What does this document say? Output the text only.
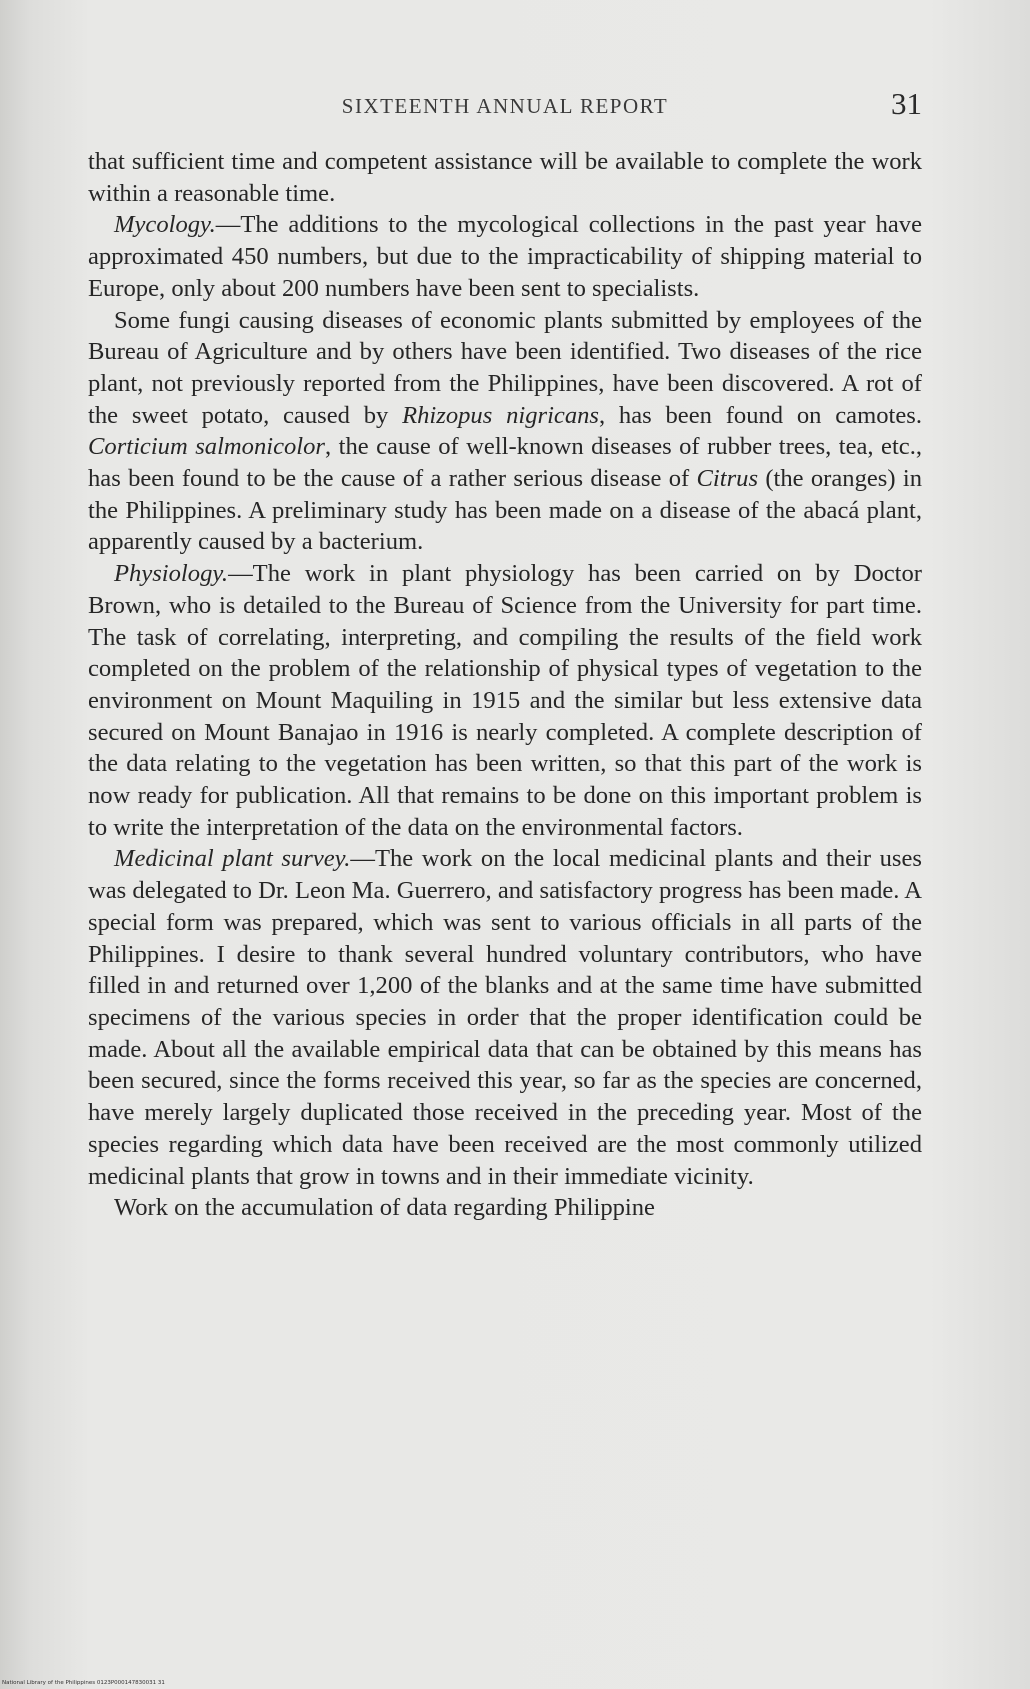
SIXTEENTH ANNUAL REPORT	31

that sufficient time and competent assistance will be available to complete the work within a reasonable time.

Mycology.—The additions to the mycological collections in the past year have approximated 450 numbers, but due to the impracticability of shipping material to Europe, only about 200 numbers have been sent to specialists.

Some fungi causing diseases of economic plants submitted by employees of the Bureau of Agriculture and by others have been identified. Two diseases of the rice plant, not previously reported from the Philippines, have been discovered. A rot of the sweet potato, caused by Rhizopus nigricans, has been found on camotes. Corticium salmonicolor, the cause of well-known diseases of rubber trees, tea, etc., has been found to be the cause of a rather serious disease of Citrus (the oranges) in the Philippines. A preliminary study has been made on a disease of the abacá plant, apparently caused by a bacterium.

Physiology.—The work in plant physiology has been carried on by Doctor Brown, who is detailed to the Bureau of Science from the University for part time. The task of correlating, interpreting, and compiling the results of the field work completed on the problem of the relationship of physical types of vegetation to the environment on Mount Maquiling in 1915 and the similar but less extensive data secured on Mount Banajao in 1916 is nearly completed. A complete description of the data relating to the vegetation has been written, so that this part of the work is now ready for publication. All that remains to be done on this important problem is to write the interpretation of the data on the environmental factors.

Medicinal plant survey.—The work on the local medicinal plants and their uses was delegated to Dr. Leon Ma. Guerrero, and satisfactory progress has been made. A special form was prepared, which was sent to various officials in all parts of the Philippines. I desire to thank several hundred voluntary contributors, who have filled in and returned over 1,200 of the blanks and at the same time have submitted specimens of the various species in order that the proper identification could be made. About all the available empirical data that can be obtained by this means has been secured, since the forms received this year, so far as the species are concerned, have merely largely duplicated those received in the preceding year. Most of the species regarding which data have been received are the most commonly utilized medicinal plants that grow in towns and in their immediate vicinity.

Work on the accumulation of data regarding Philippine

National Library of the Philippines 0123P000147830031 31
